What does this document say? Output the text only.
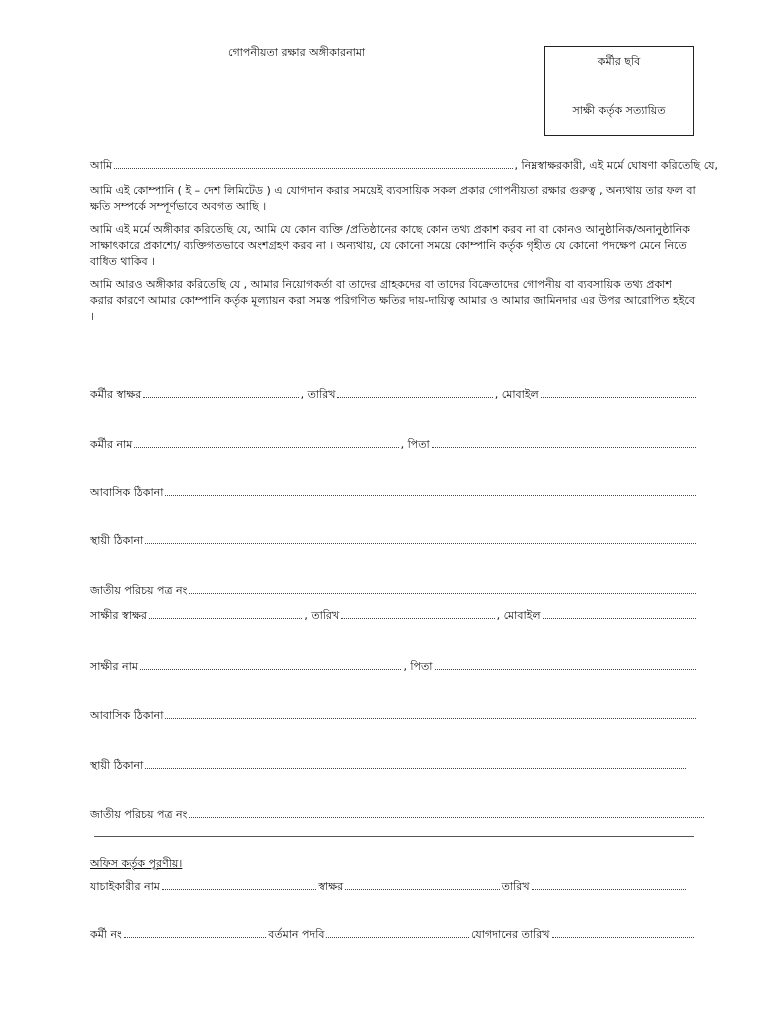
গোপনীয়তা রক্ষার অঙ্গীকারনামা
কর্মীর ছবি
সাক্ষী কর্তৃক সত্যায়িত
আমি	, নিম্নস্বাক্ষরকারী, এই মর্মে ঘোষণা করিতেছি যে,
আমি এই কোম্পানি ( ই – দেশ লিমিটেড ) এ যোগদান করার সময়েই ব্যবসায়িক সকল প্রকার গোপনীয়তা রক্ষার গুরুত্ব , অন্যথায় তার ফল বা ক্ষতি সম্পর্কে সম্পূর্ণভাবে অবগত আছি ।
আমি এই মর্মে অঙ্গীকার করিতেছি যে, আমি যে কোন ব্যক্তি /প্রতিষ্ঠানের কাছে কোন তথ্য প্রকাশ করব না বা কোনও আনুষ্ঠানিক/অনানুষ্ঠানিক সাক্ষাৎকারে প্রকাশ্যে/ ব্যক্তিগতভাবে অংশগ্রহণ করব না । অন্যথায়, যে কোনো সময়ে কোম্পানি কর্তৃক গৃহীত যে কোনো পদক্ষেপ মেনে নিতে বাধিত থাকিব ।
আমি আরও অঙ্গীকার করিতেছি যে , আমার নিয়োগকর্তা বা তাদের গ্রাহকদের বা তাদের বিক্রেতাদের গোপনীয় বা ব্যবসায়িক তথ্য প্রকাশ করার কারণে আমার কোম্পানি কর্তৃক মূল্যায়ন করা সমস্ত পরিগণিত ক্ষতির দায়-দায়িত্ব আমার ও আমার জামিনদার এর উপর আরোপিত হইবে ।
কর্মীর স্বাক্ষর	, তারিখ	, মোবাইল
কর্মীর নাম	, পিতা
আবাসিক ঠিকানা
স্থায়ী ঠিকানা
জাতীয় পরিচয় পত্র নং
সাক্ষীর স্বাক্ষর	, তারিখ	, মোবাইল
সাক্ষীর নাম	, পিতা
আবাসিক ঠিকানা
স্থায়ী ঠিকানা
জাতীয় পরিচয় পত্র নং
অফিস কর্তৃক পূরণীয়।
যাচাইকারীর নাম	স্বাক্ষর	তারিখ
কর্মী নং	বর্তমান পদবি	যোগদানের তারিখ
